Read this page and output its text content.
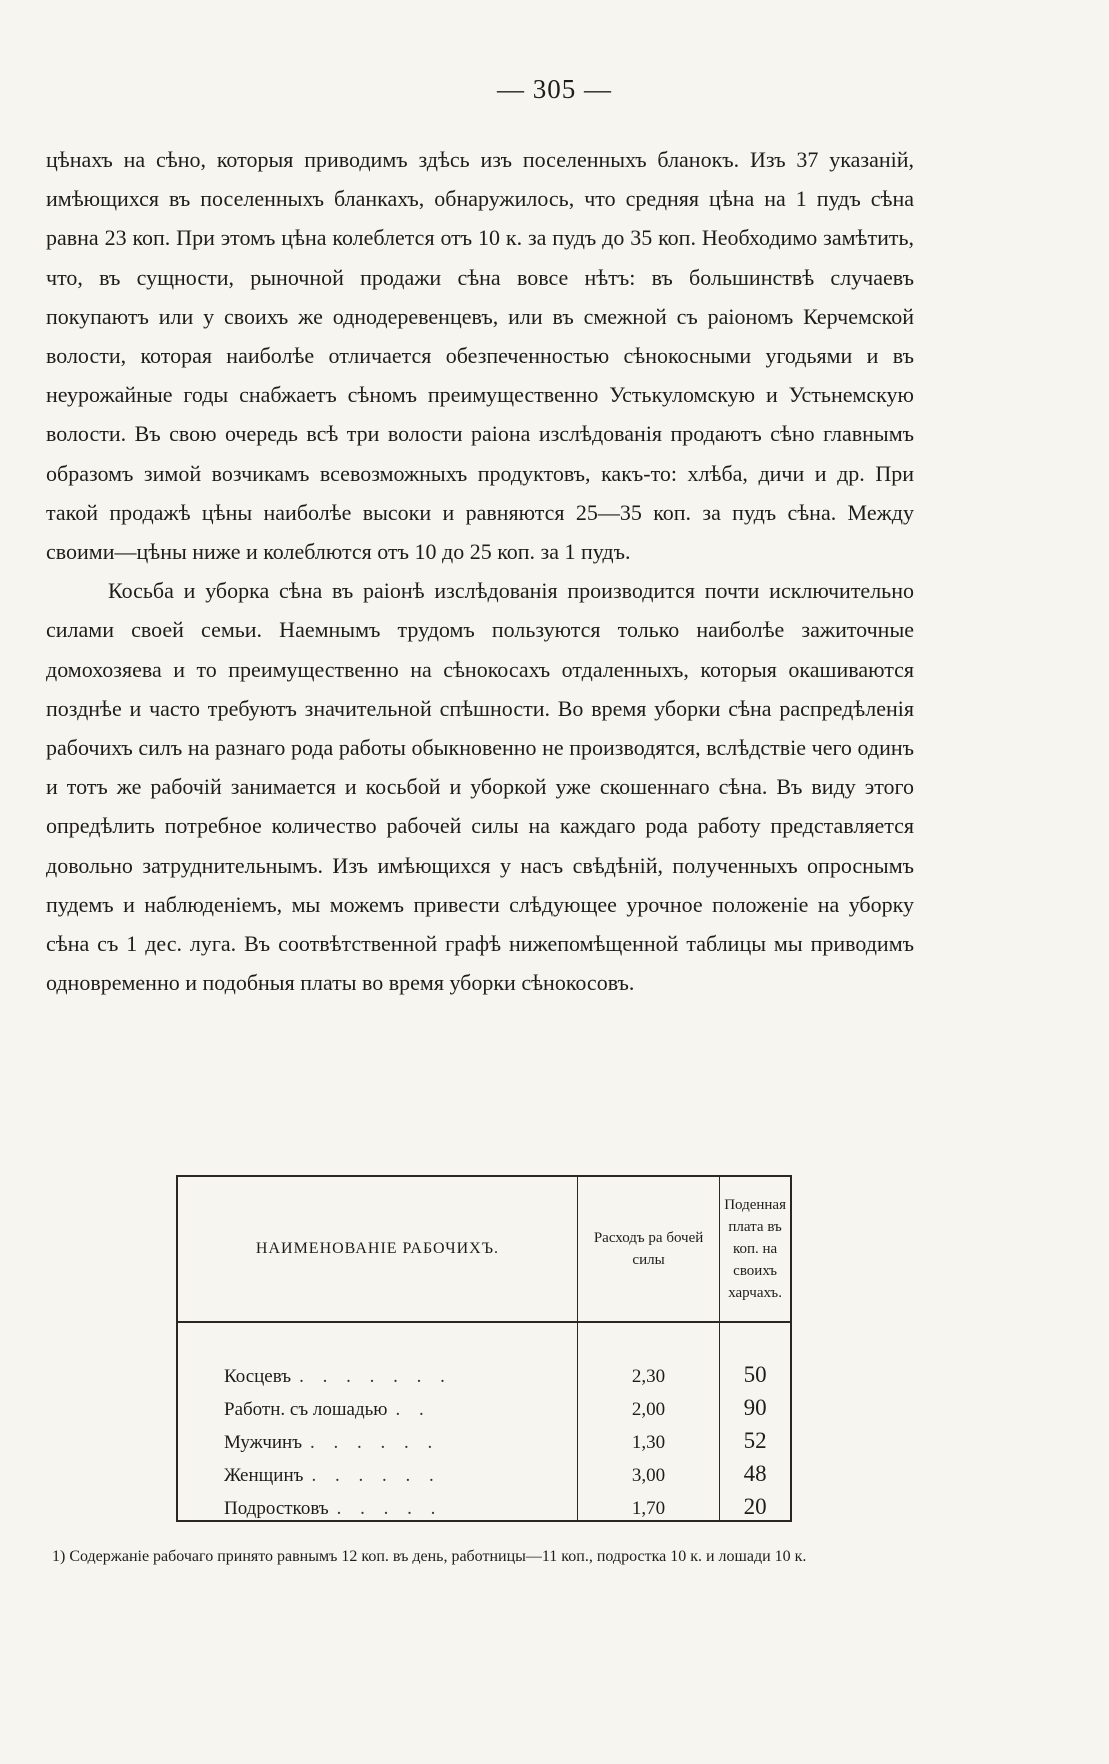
— 305 —

цѣнахъ на сѣно, которыя приводимъ здѣсь изъ поселенныхъ бланокъ. Изъ 37 указаній, имѣющихся въ поселенныхъ бланкахъ, обнаружилось, что средняя цѣна на 1 пудъ сѣна равна 23 коп. При этомъ цѣна колеблется отъ 10 к. за пудъ до 35 коп. Необходимо замѣтить, что, въ сущности, рыночной продажи сѣна вовсе нѣтъ: въ большинствѣ случаевъ покупаютъ или у своихъ же однодеревенцевъ, или въ смежной съ раіономъ Керчемской волости, которая наиболѣе отличается обезпеченностью сѣнокосными угодьями и въ неурожайные годы снабжаетъ сѣномъ преимущественно Устькуломскую и Устьнемскую волости. Въ свою очередь всѣ три волости раіона изслѣдованія продаютъ сѣно главнымъ образомъ зимой возчикамъ всевозможныхъ продуктовъ, какъ-то: хлѣба, дичи и др. При такой продажѣ цѣны наиболѣе высоки и равняются 25—35 коп. за пудъ сѣна. Между своими—цѣны ниже и колеблются отъ 10 до 25 коп. за 1 пудъ.

Косьба и уборка сѣна въ раіонѣ изслѣдованія производится почти исключительно силами своей семьи. Наемнымъ трудомъ пользуются только наиболѣе зажиточные домохозяева и то преимущественно на сѣнокосахъ отдаленныхъ, которыя окашиваются позднѣе и часто требуютъ значительной спѣшности. Во время уборки сѣна распредѣленія рабочихъ силъ на разнаго рода работы обыкновенно не производятся, вслѣдствіе чего одинъ и тотъ же рабочій занимается и косьбой и уборкой уже скошеннаго сѣна. Въ виду этого опредѣлить потребное количество рабочей силы на каждаго рода работу представляется довольно затруднительнымъ. Изъ имѣющихся у насъ свѣдѣній, полученныхъ опроснымъ пудемъ и наблюденіемъ, мы можемъ привести слѣдующее урочное положеніе на уборку сѣна съ 1 дес. луга. Въ соотвѣтственной графѣ нижепомѣщенной таблицы мы приводимъ одновременно и подобныя платы во время уборки сѣнокосовъ.

НАИМЕНОВАНІЕ РАБОЧИХЪ.	Расходъ ра бочей силы	Поденная плата въ коп. на своихъ харчахъ.

Косцевъ . . . . . . .	2,30	50
Работн. съ лошадью . .	2,00	90
Мужчинъ . . . . . .	1,30	52
Женщинъ . . . . . .	3,00	48
Подростковъ . . . . .	1,70	20
1) Содержаніе рабочаго принято равнымъ 12 коп. въ день, работницы—11 коп., подростка 10 к. и лошади 10 к.
